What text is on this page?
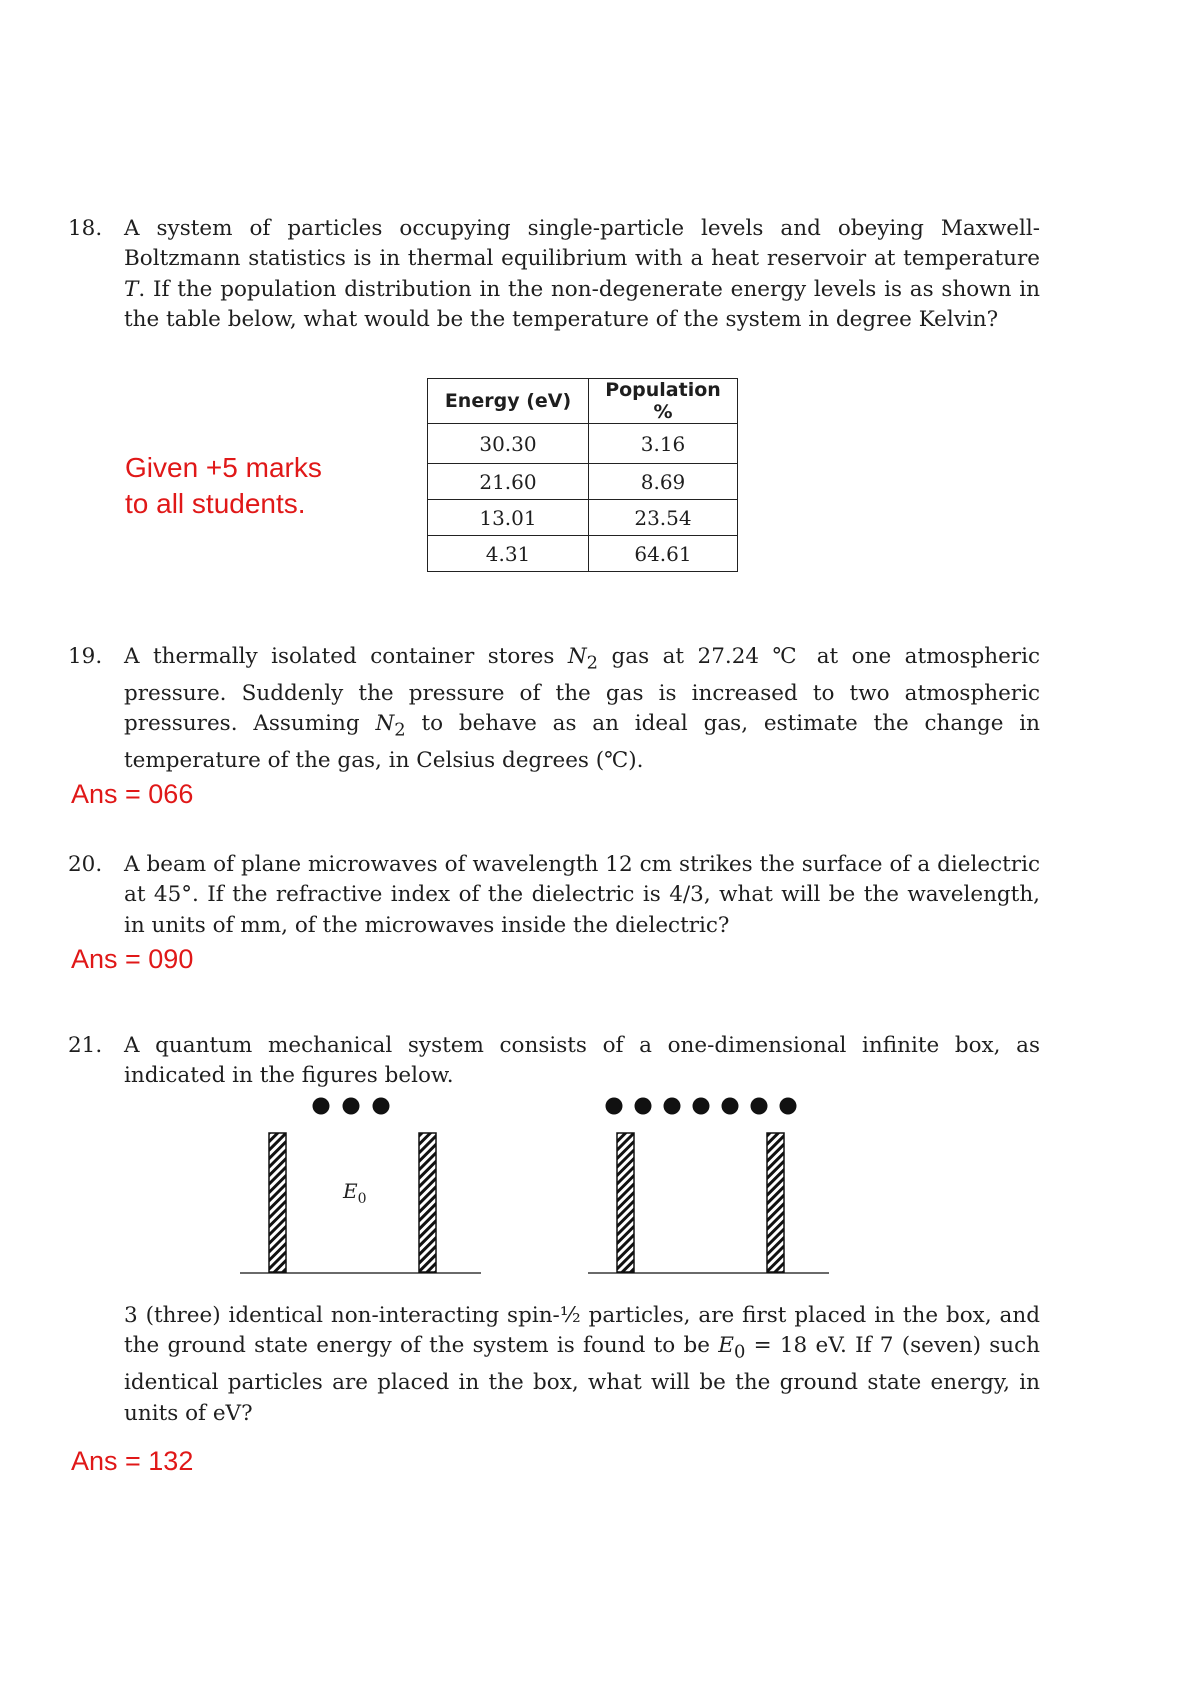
18.	A system of particles occupying single-particle levels and obeying Maxwell-Boltzmann statistics is in thermal equilibrium with a heat reservoir at temperature T. If the population distribution in the non-degenerate energy levels is as shown in the table below, what would be the temperature of the system in degree Kelvin?
Given +5 marks
to all students.
Energy (eV)	Population %
30.30	3.16
21.60	8.69
13.01	23.54
4.31	64.61
19.	A thermally isolated container stores $N_2$ gas at 27.24 ℃ at one atmospheric pressure. Suddenly the pressure of the gas is increased to two atmospheric pressures. Assuming $N_2$ to behave as an ideal gas, estimate the change in temperature of the gas, in Celsius degrees (℃).
Ans = 066
20.	A beam of plane microwaves of wavelength 12 cm strikes the surface of a dielectric at 45°. If the refractive index of the dielectric is 4/3, what will be the wavelength, in units of mm, of the microwaves inside the dielectric?
Ans = 090
21.	A quantum mechanical system consists of a one-dimensional infinite box, as indicated in the figures below.
$E_0$
3 (three) identical non-interacting spin-½ particles, are first placed in the box, and the ground state energy of the system is found to be $E_0 = 18$ eV. If 7 (seven) such identical particles are placed in the box, what will be the ground state energy, in units of eV?
Ans = 132
